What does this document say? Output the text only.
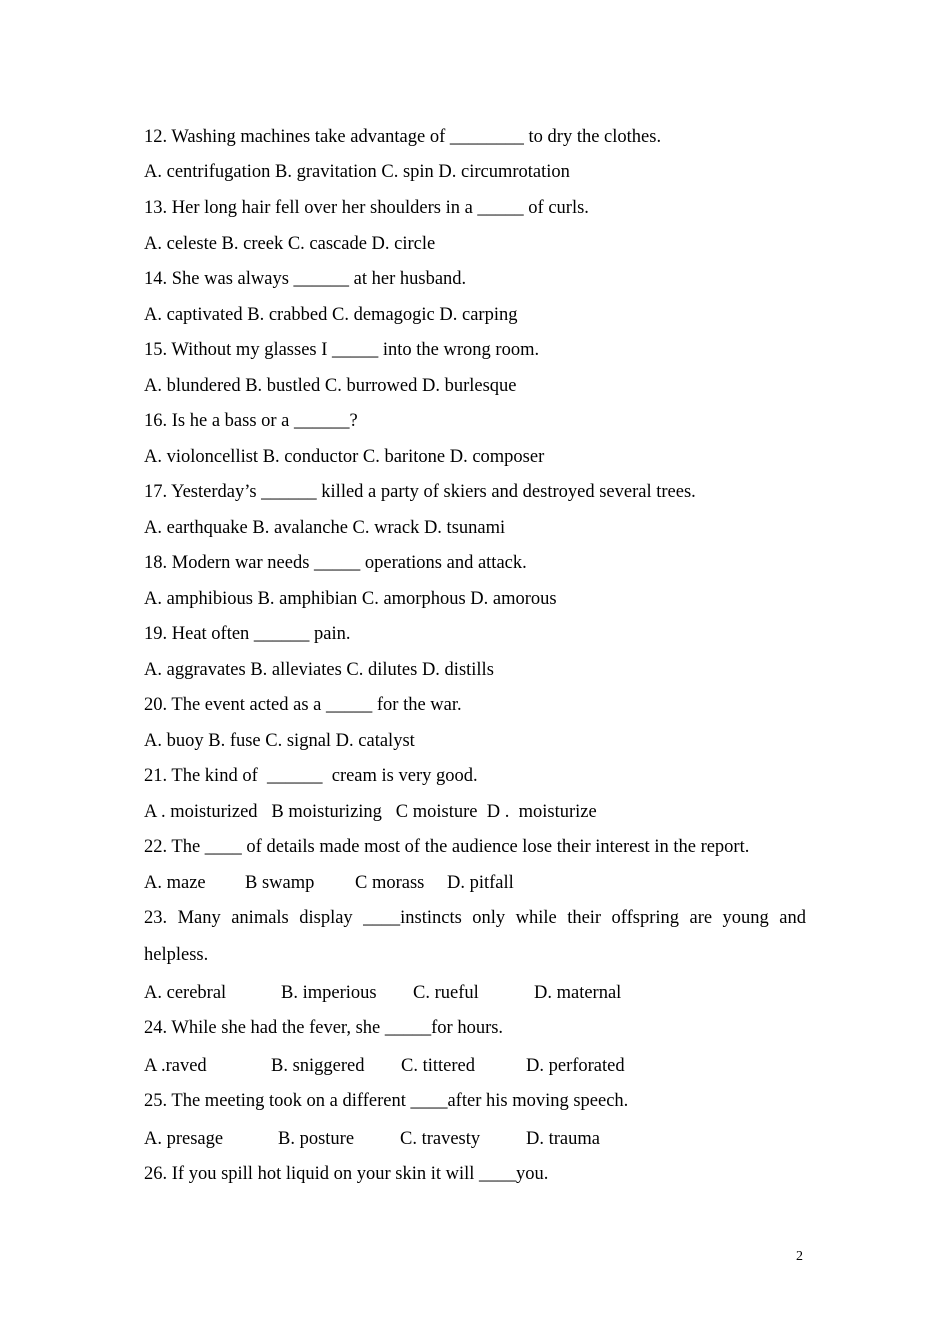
12. Washing machines take advantage of ________ to dry the clothes.
A. centrifugation B. gravitation C. spin D. circumrotation
13. Her long hair fell over her shoulders in a _____ of curls.
A. celeste B. creek C. cascade D. circle
14. She was always ______ at her husband.
A. captivated B. crabbed C. demagogic D. carping
15. Without my glasses I _____ into the wrong room.
A. blundered B. bustled C. burrowed D. burlesque
16. Is he a bass or a ______?
A. violoncellist B. conductor C. baritone D. composer
17. Yesterday’s ______ killed a party of skiers and destroyed several trees.
A. earthquake B. avalanche C. wrack D. tsunami
18. Modern war needs _____ operations and attack.
A. amphibious B. amphibian C. amorphous D. amorous
19. Heat often ______ pain.
A. aggravates B. alleviates C. dilutes D. distills
20. The event acted as a _____ for the war.
A. buoy B. fuse C. signal D. catalyst
21. The kind of  ______  cream is very good.
A . moisturized   B moisturizing   C moisture  D .  moisturize
22. The ____ of details made most of the audience lose their interest in the report.
A. maze B swamp C morass D. pitfall
23. Many animals display ____instincts only while their offspring are young and
helpless.
A. cerebral	B. imperious C. rueful	D. maternal
24. While she had the fever, she _____for hours.
A .raved	B. sniggered C. tittered	D. perforated
25. The meeting took on a different ____after his moving speech.
A. presage	B. posture C. travesty D. trauma
26. If you spill hot liquid on your skin it will ____you.
2
